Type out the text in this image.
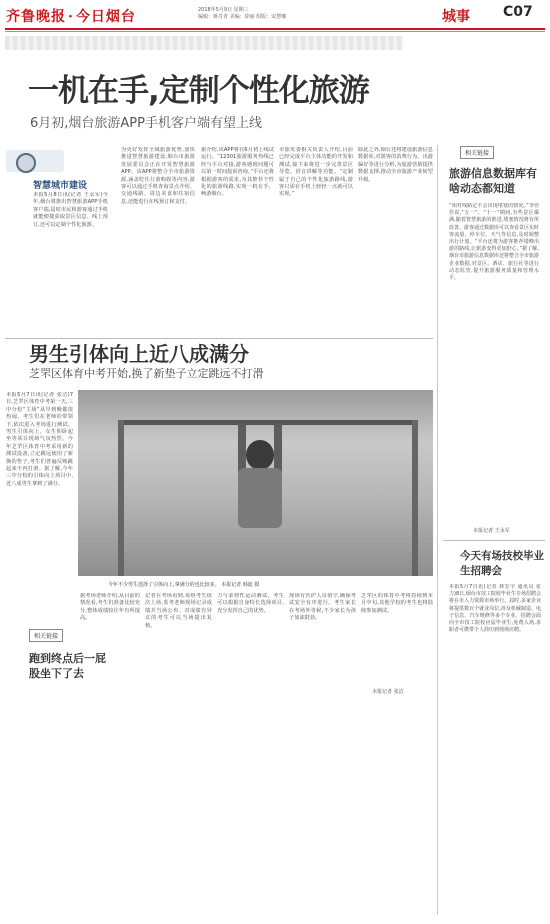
齐鲁晚报 · 今日烟台	2018年5月9日 星期三
编辑：蒋丹青 美编：徐丽 组版：宋慧娜	城事 C07
一机在手,定制个性化旅游
6月初,烟台旅游APP手机客户端有望上线
智慧城市建设
本报5月8日讯(记者 王永军)今年,烟台将推出智慧旅游APP手机客户端,届时市民和游客通过手机就能便捷获取景区信息、线上预订,还可以定制个性化旅游。
为更好发挥全域旅游优势,加快推进智慧旅游建设,烟台市旅游发展委员会正在开发智慧旅游APP。该APP将整合全市旅游资源,涵盖吃住行游购娱等内容,游客可以通过手机查询景点介绍、交通线路、周边美食和住宿信息,还能进行在线预订和支付。
据介绍,该APP将在6月初上线试运行。“12301旅游服务热线已经与平台对接,游客遇到问题可以第一时间投诉咨询。”平台还将根据游客的需求,为其推荐个性化的旅游线路,实现一机在手、畅游烟台。
市旅发委相关负责人介绍,目前已经完成平台主体功能的开发和测试,接下来将进一步完善景区导览、语音讲解等功能。“定制属于自己的个性化旅游路线,游客只需在手机上轻轻一点就可以实现。”
除此之外,烟台还将建设旅游信息数据库,对游客的消费行为、出游偏好等进行分析,为旅游营销提供数据支撑,推动全市旅游产业转型升级。
相关链接
旅游信息数据库有啥动态都知道
“相对线路定不会出现堵塞的情况。”李佳佳说,“五一”、“十一”期间,有些景区爆满,随着智慧旅游的推进,堵塞情况将有所改善。游客通过数据库可以查看景区实时客流量、停车位、天气等信息,及时调整出行计划。“平台还将为游客推荐错峰出游的路线,让旅游变得更加舒心。”据了解,烟台市旅游信息数据库还将整合全市旅游企业数据,对景区、酒店、旅行社等进行动态监管,提升旅游服务质量和管理水平。
本报记者 王永军
男生引体向上近八成满分
芝罘区体育中考开始,换了新垫子立定跳远不打滑
本报5月7日讯(记者 张洁)7日,芝罘区体育中考第一天,三中分校“主场”从早到晚都很热闹。考生们在老师的带领下,依次进入考场进行测试。男生引体向上、女生仰卧起坐等项目现场气氛热烈。今年芝罘区体育中考采用新的测试设备,立定跳远使用了新换的垫子,考生们普遍反映跳起来不再打滑。据了解,今年三中分校的引体向上项目中,近八成男生拿到了满分。
今年不少男生选择了引体向上,拿满分的也比较多。 本报记者 韩迪 摄
据考场老师介绍,从目前的情况看,考生们准备比较充分,整体成绩较往年有所提高。
记者在考场看到,每组考生依次上场,监考老师现场记录成绩并当场公布。对成绩有异议的考生可以当场提出复核。
力与柔韧性运动测试。考生可以根据自身特长选择项目,充分发挥自己的优势。
现场有医护人员值守,确保考试安全有序进行。考生家长在考场外等候,不少家长为孩子加油鼓劲。
芝罘区的体育中考将持续到本月中旬,其他学校的考生也将陆续参加测试。
本报记者 张洁
相关链接
跑到终点后一屁股坐下了去
今天有场技校毕业生招聘会
本报5月7日讯(记者 林宏宇 通讯员 张力)8日,烟台市技工院校毕业生专场招聘会将在市人力资源市场举行。届时,多家企业将提供数百个就业岗位,涉及机械制造、电子信息、汽车维修等多个专业。招聘会面向全市技工院校应届毕业生,免费入场,求职者可携带个人简历到现场应聘。
